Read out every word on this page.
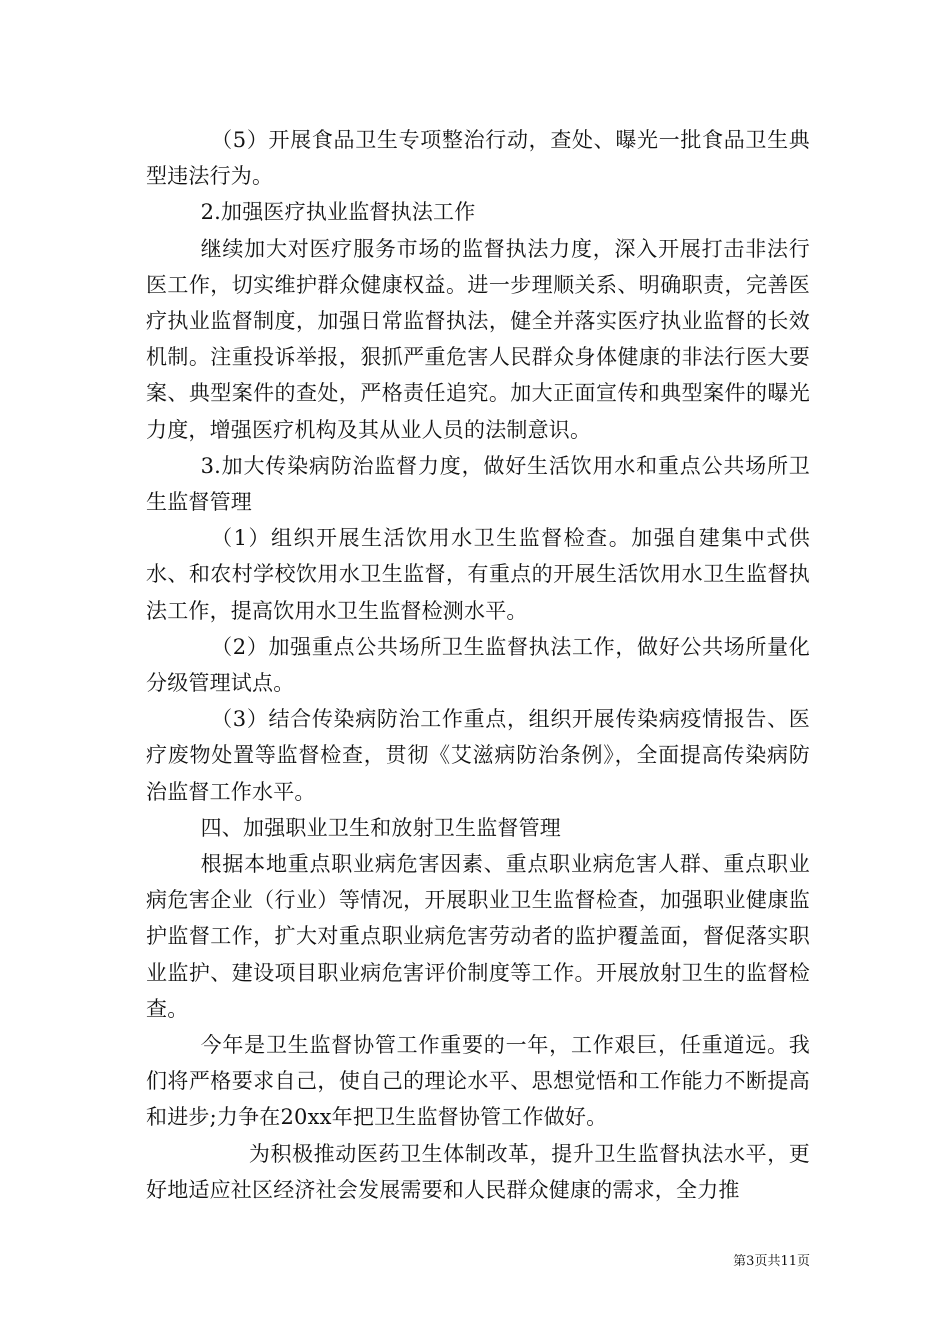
（5）开展食品卫生专项整治行动，查处、曝光一批食品卫生典型违法行为。

2.加强医疗执业监督执法工作

继续加大对医疗服务市场的监督执法力度，深入开展打击非法行医工作，切实维护群众健康权益。进一步理顺关系、明确职责，完善医疗执业监督制度，加强日常监督执法，健全并落实医疗执业监督的长效机制。注重投诉举报，狠抓严重危害人民群众身体健康的非法行医大要案、典型案件的查处，严格责任追究。加大正面宣传和典型案件的曝光力度，增强医疗机构及其从业人员的法制意识。

3.加大传染病防治监督力度，做好生活饮用水和重点公共场所卫生监督管理

（1）组织开展生活饮用水卫生监督检查。加强自建集中式供水、和农村学校饮用水卫生监督，有重点的开展生活饮用水卫生监督执法工作，提高饮用水卫生监督检测水平。

（2）加强重点公共场所卫生监督执法工作，做好公共场所量化分级管理试点。

（3）结合传染病防治工作重点，组织开展传染病疫情报告、医疗废物处置等监督检查，贯彻《艾滋病防治条例》，全面提高传染病防治监督工作水平。

四、加强职业卫生和放射卫生监督管理

根据本地重点职业病危害因素、重点职业病危害人群、重点职业病危害企业（行业）等情况，开展职业卫生监督检查，加强职业健康监护监督工作，扩大对重点职业病危害劳动者的监护覆盖面，督促落实职业监护、建设项目职业病危害评价制度等工作。开展放射卫生的监督检查。

今年是卫生监督协管工作重要的一年，工作艰巨，任重道远。我们将严格要求自己，使自己的理论水平、思想觉悟和工作能力不断提高和进步;力争在20xx年把卫生监督协管工作做好。

为积极推动医药卫生体制改革，提升卫生监督执法水平，更好地适应社区经济社会发展需要和人民群众健康的需求，全力推

第3页共11页
